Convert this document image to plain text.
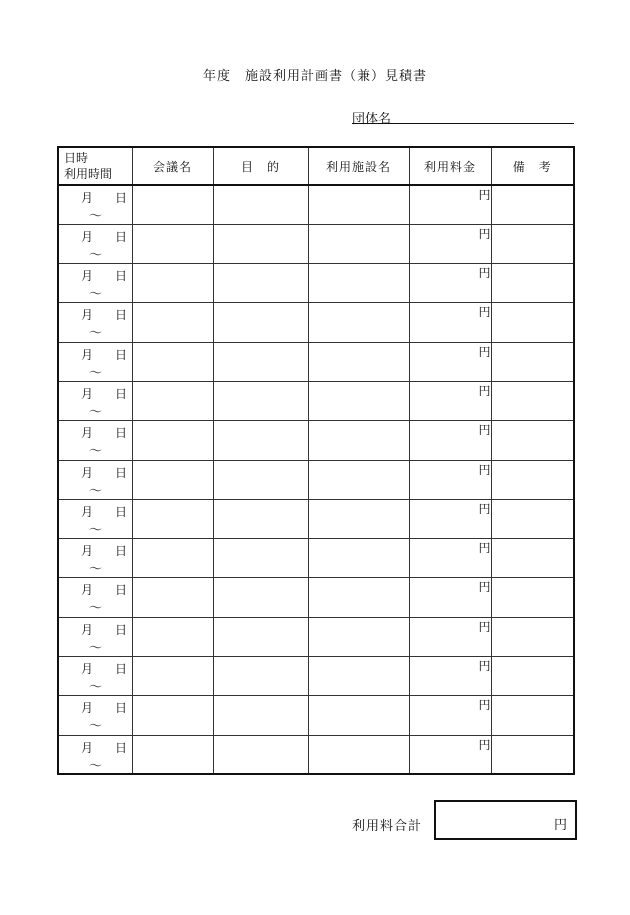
年度　施設利用計画書（兼）見積書
団体名
日時
利用時間	会議名	目　的	利用施設名	利用料金	備　考

月 日
～				円	

月 日
～				円	

月 日
～				円	

月 日
～				円	

月 日
～				円	

月 日
～				円	

月 日
～				円	

月 日
～				円	

月 日
～				円	

月 日
～				円	

月 日
～				円	

月 日
～				円	

月 日
～				円	

月 日
～				円	

月 日
～				円	
利用料合計	円
